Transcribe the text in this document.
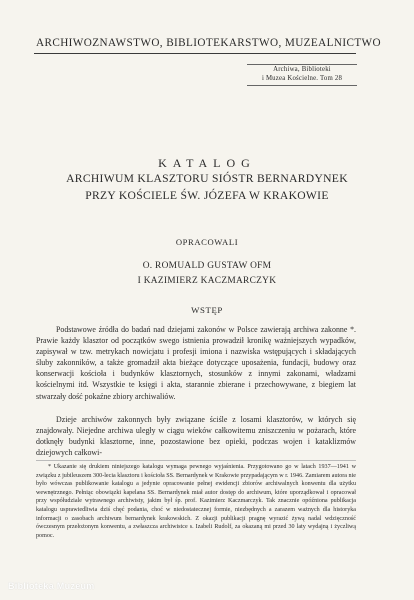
ARCHIWOZNAWSTWO, BIBLIOTEKARSTWO, MUZEALNICTWO
Archiwa, Biblioteki
i Muzea Kościelne. Tom 28
KATALOG
ARCHIWUM KLASZTORU SIÓSTR BERNARDYNEK
PRZY KOŚCIELE ŚW. JÓZEFA W KRAKOWIE
OPRACOWALI
O. ROMUALD GUSTAW OFM
I KAZIMIERZ KACZMARCZYK
WSTĘP

Podstawowe źródła do badań nad dziejami zakonów w Polsce zawierają archiwa zakonne *. Prawie każdy klasztor od początków swego istnienia prowadził kronikę ważniejszych wypadków, zapisywał w tzw. metrykach nowicjatu i profesji imiona i nazwiska wstępujących i składających śluby zakonników, a także gromadził akta bieżące dotyczące uposażenia, fundacji, budowy oraz konserwacji kościoła i budynków klasztornych, stosunków z innymi zakonami, władzami kościelnymi itd. Wszystkie te księgi i akta, starannie zbierane i przechowywane, z biegiem lat stwarzały dość pokaźne zbiory archiwaliów.

Dzieje archiwów zakonnych były związane ściśle z losami klasztorów, w których się znajdowały. Niejedne archiwa uległy w ciągu wieków całkowitemu zniszczeniu w pożarach, które dotknęły budynki klasztorne, inne, pozostawione bez opieki, podczas wojen i kataklizmów dziejowych całkowi-

* Ukazanie się drukiem niniejszego katalogu wymaga pewnego wyjaśnienia. Przygotowano go w latach 1937—1941 w związku z jubileuszem 300-lecia klasztoru i kościoła SS. Bernardynek w Krakowie przypadającym w r. 1946. Zamiarem autora nie było wówczas publikowanie katalogu a jedynie opracowanie pełnej ewidencji zbiorów archiwalnych konwentu dla użytku wewnętrznego. Pełniąc obowiązki kapelana SS. Bernardynek miał autor dostęp do archiwum, które uporządkował i opracował przy współudziale wytrawnego archiwisty, jakim był śp. prof. Kazimierz Kaczmarczyk. Tak znacznie opóźniona publikacja katalogu usprawiedliwia dziś chęć podania, choć w niedostatecznej formie, niezbędnych a zarazem ważnych dla historyka informacji o zasobach archiwum bernardynek krakowskich. Z okazji publikacji pragnę wyrazić żywą nadal wdzięczność ówczesnym przełożonym konwentu, a zwłaszcza archiwistce s. Izabeli Rudolf, za okazaną mi przed 30 laty wydajną i życzliwą pomoc.

Biblioteka Muzeum
